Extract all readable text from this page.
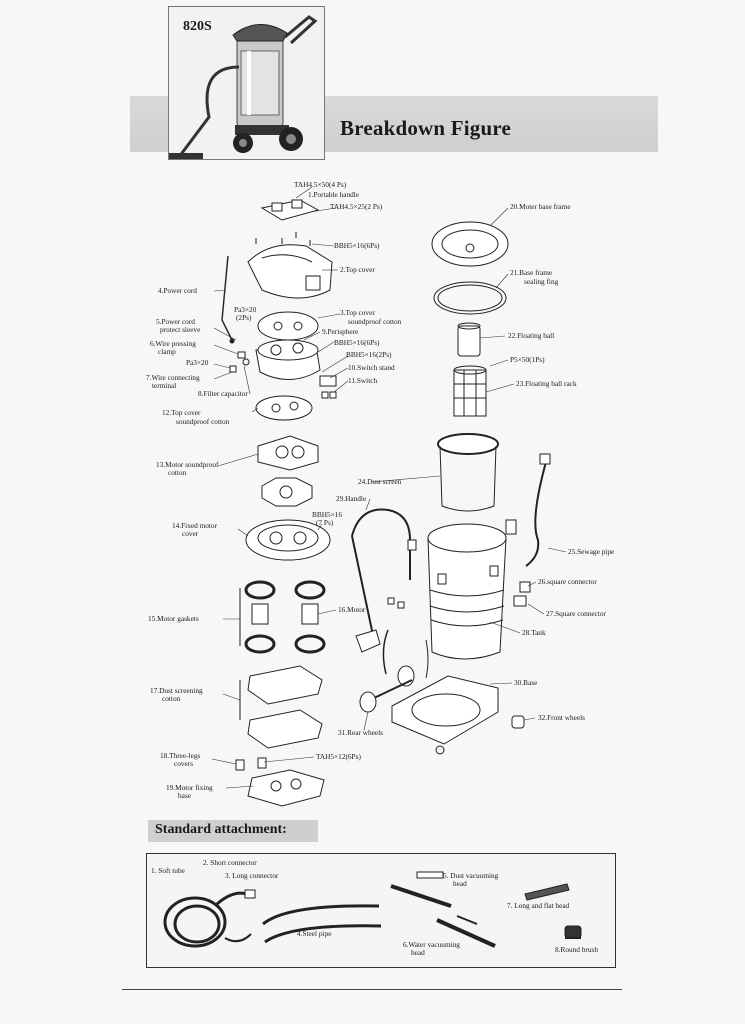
820S
Breakdown Figure
TAH4.5×50(4 Ps)
1.Portable handle
TAH4.5×25(2 Ps)
BBH5×16(6Ps)
2.Top cover
Pa3×20
(2Ps)
3.Top cover
soundproof cotton
4.Power cord
5.Power cord
protect sleeve
6.Wire pressing
clamp
Pa3×20
7.Wire connecting
terminal
8.Filter capacitor
9.Perisphere
BBH5×16(6Ps)
BBH5×16(2Ps)
10.Switch stand
11.Switch
12.Top cover
soundproof cotton
13.Motor soundproof
cotton
14.Fixed motor
cover
BBH5×16
(7 Ps)
15.Motor gaskets
16.Motor
17.Dust screening
cotton
18.Three-legs
covers
TAH5×12(6Ps)
19.Motor fixing
base
20.Moter base frame
21.Base frame
sealing fing
22.Floating ball
P5×50(1Ps)
23.Floating ball rack
24.Dust screen
25.Sewage pipe
26.square connector
27.Square connector
28.Tank
29.Handle
30.Base
31.Rear wheels
32.Front wheels
Standard attachment:
1. Soft tube
2. Short connector
3. Long connector
4.Steel pipe
5. Dust vacuuming
head
6.Water vacuuming
head
7. Long and flat head
8.Round brush
